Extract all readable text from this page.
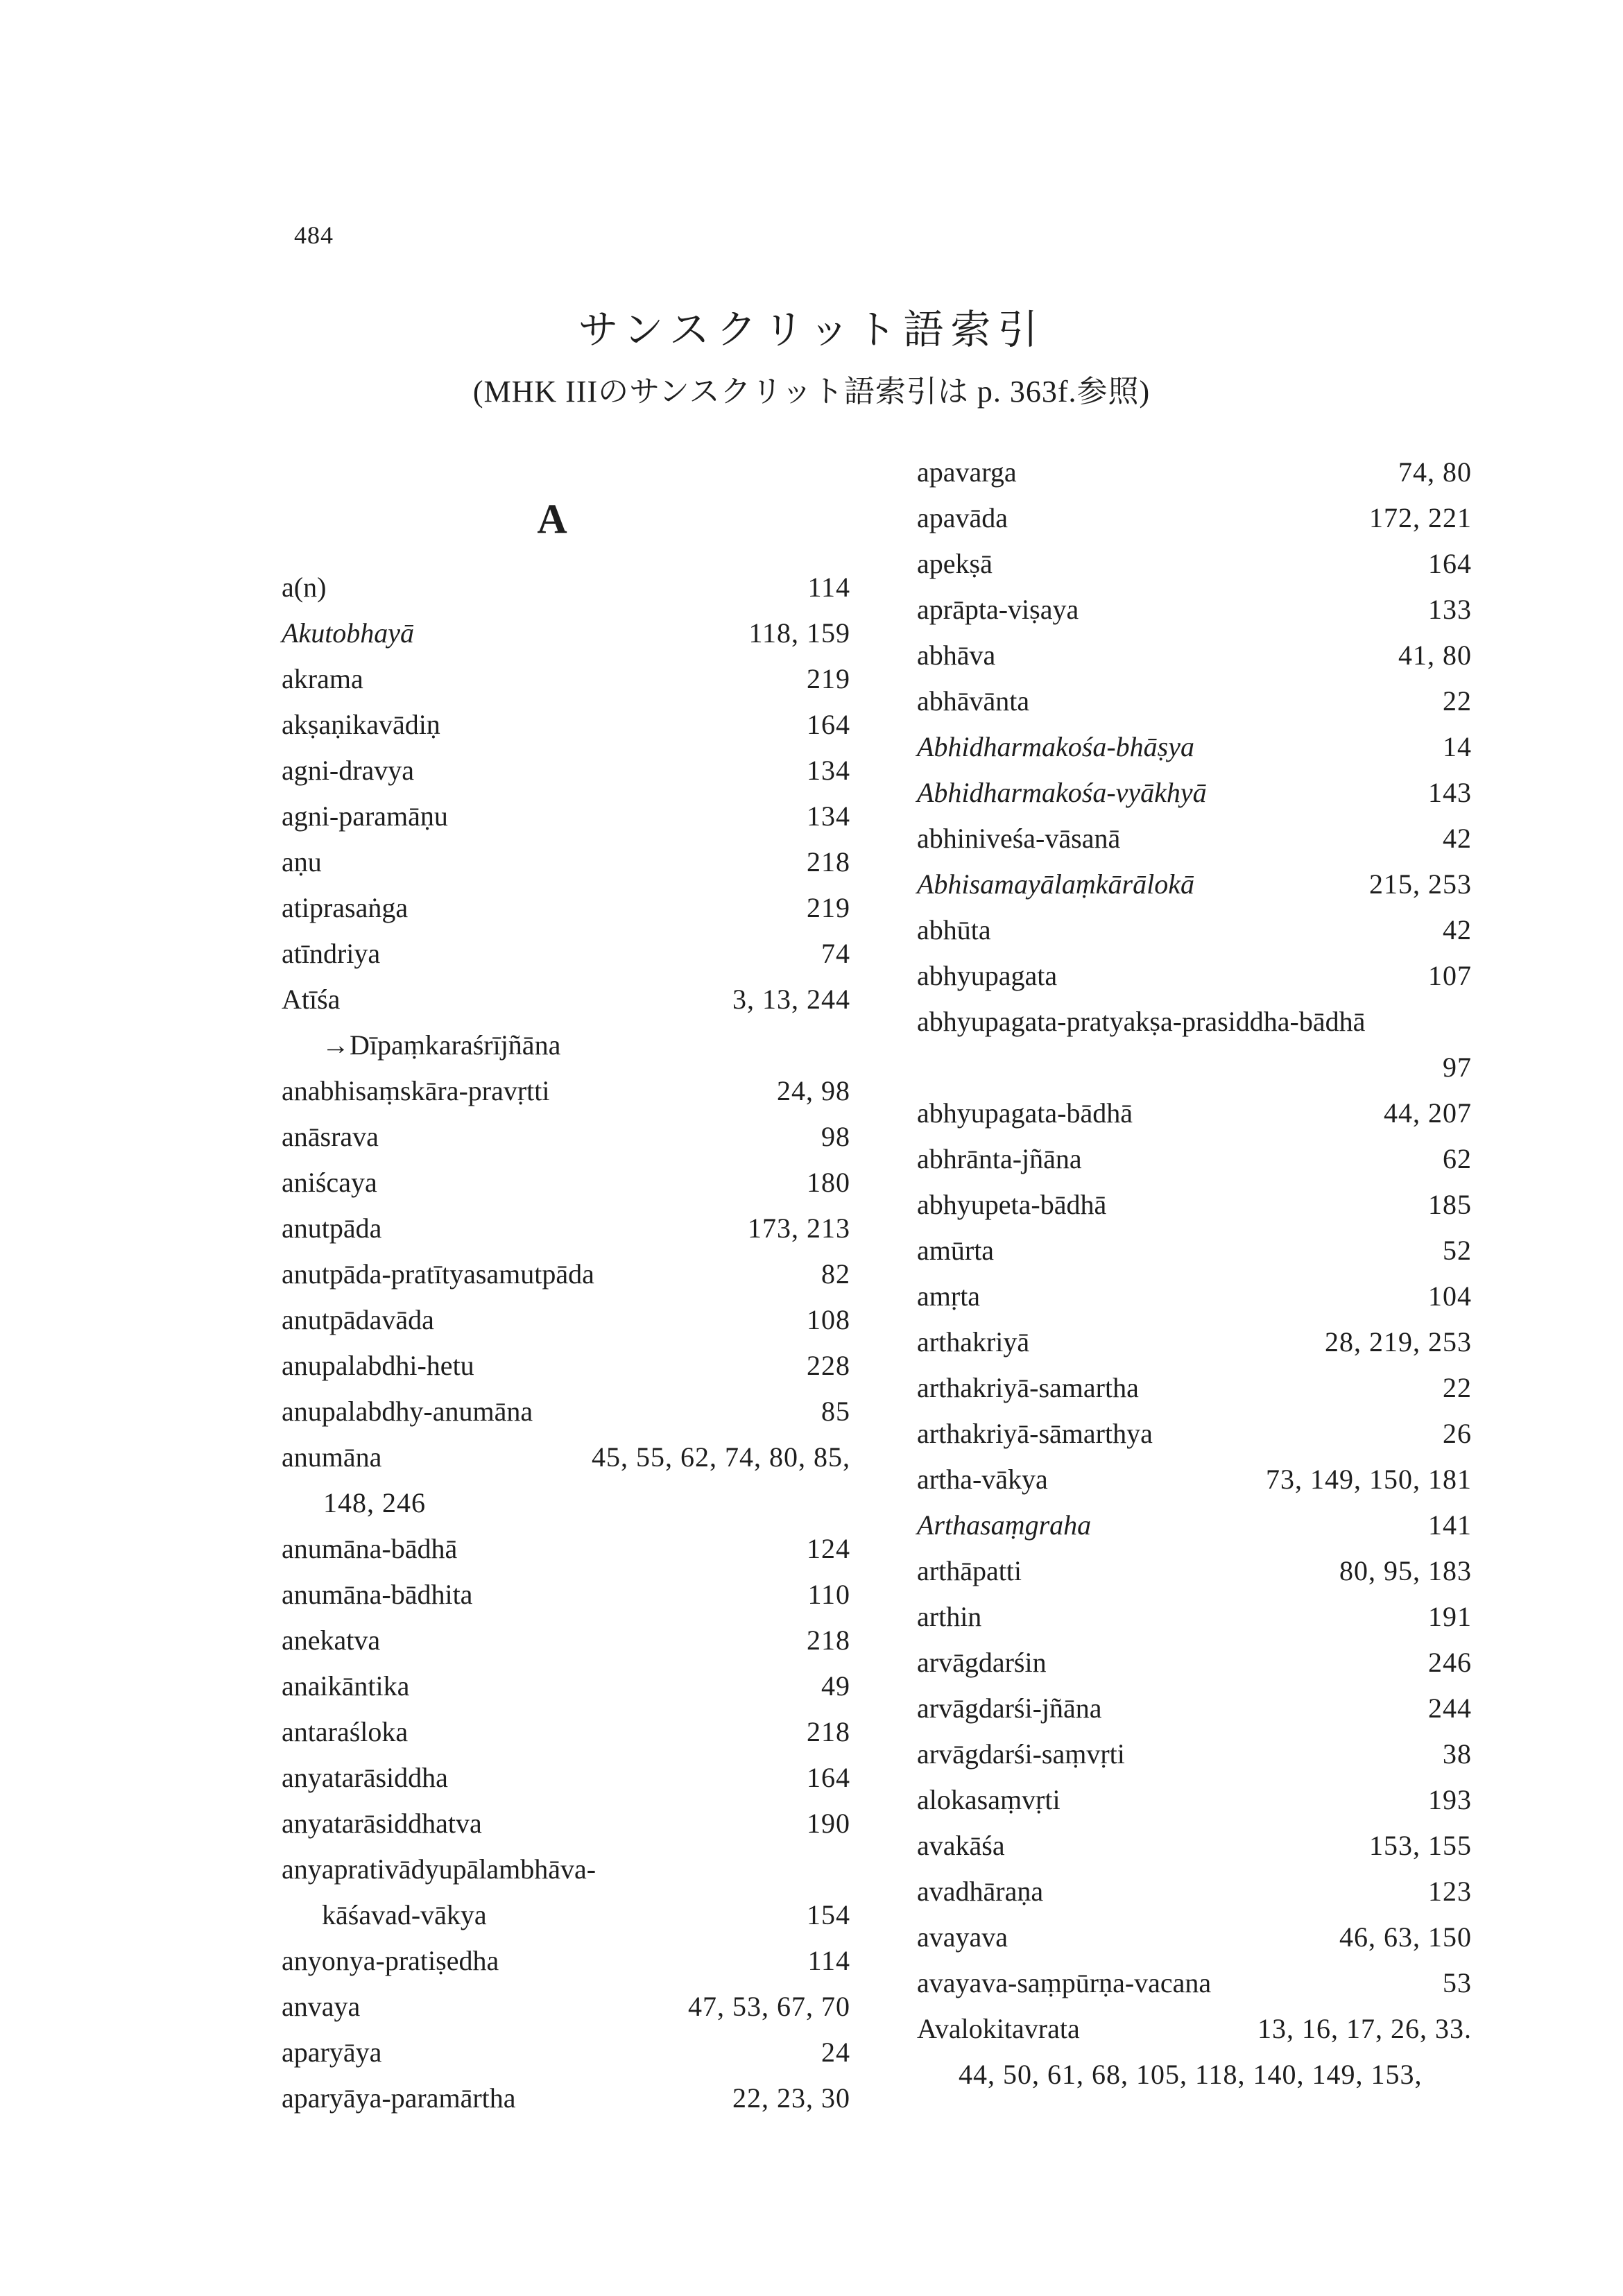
484
サンスクリット語索引
(MHK IIIのサンスクリット語索引は p. 363f.参照)
A
a(n)	114
Akutobhayā	118, 159
akrama	219
akṣaṇikavādiṇ	164
agni-dravya	134
agni-paramāṇu	134
aṇu	218
atiprasaṅga	219
atīndriya	74
Atīśa	3, 13, 244
→Dīpaṃkaraśrījñāna
anabhisaṃskāra-pravṛtti	24, 98
anāsrava	98
aniścaya	180
anutpāda	173, 213
anutpāda-pratītyasamutpāda	82
anutpādavāda	108
anupalabdhi-hetu	228
anupalabdhy-anumāna	85
anumāna	45, 55, 62, 74, 80, 85,
148, 246
anumāna-bādhā	124
anumāna-bādhita	110
anekatva	218
anaikāntika	49
antaraśloka	218
anyatarāsiddha	164
anyatarāsiddhatva	190
anyaprativādyupālambhāva-
kāśavad-vākya	154
anyonya-pratiṣedha	114
anvaya	47, 53, 67, 70
aparyāya	24
aparyāya-paramārtha	22, 23, 30
apavarga	74, 80
apavāda	172, 221
apekṣā	164
aprāpta-viṣaya	133
abhāva	41, 80
abhāvānta	22
Abhidharmakośa-bhāṣya	14
Abhidharmakośa-vyākhyā	143
abhiniveśa-vāsanā	42
Abhisamayālaṃkārālokā	215, 253
abhūta	42
abhyupagata	107
abhyupagata-pratyakṣa-prasiddha-bādhā
97
abhyupagata-bādhā	44, 207
abhrānta-jñāna	62
abhyupeta-bādhā	185
amūrta	52
amṛta	104
arthakriyā	28, 219, 253
arthakriyā-samartha	22
arthakriyā-sāmarthya	26
artha-vākya	73, 149, 150, 181
Arthasaṃgraha	141
arthāpatti	80, 95, 183
arthin	191
arvāgdarśin	246
arvāgdarśi-jñāna	244
arvāgdarśi-saṃvṛti	38
alokasaṃvṛti	193
avakāśa	153, 155
avadhāraṇa	123
avayava	46, 63, 150
avayava-saṃpūrṇa-vacana	53
Avalokitavrata	13, 16, 17, 26, 33.
44, 50, 61, 68, 105, 118, 140, 149, 153,
